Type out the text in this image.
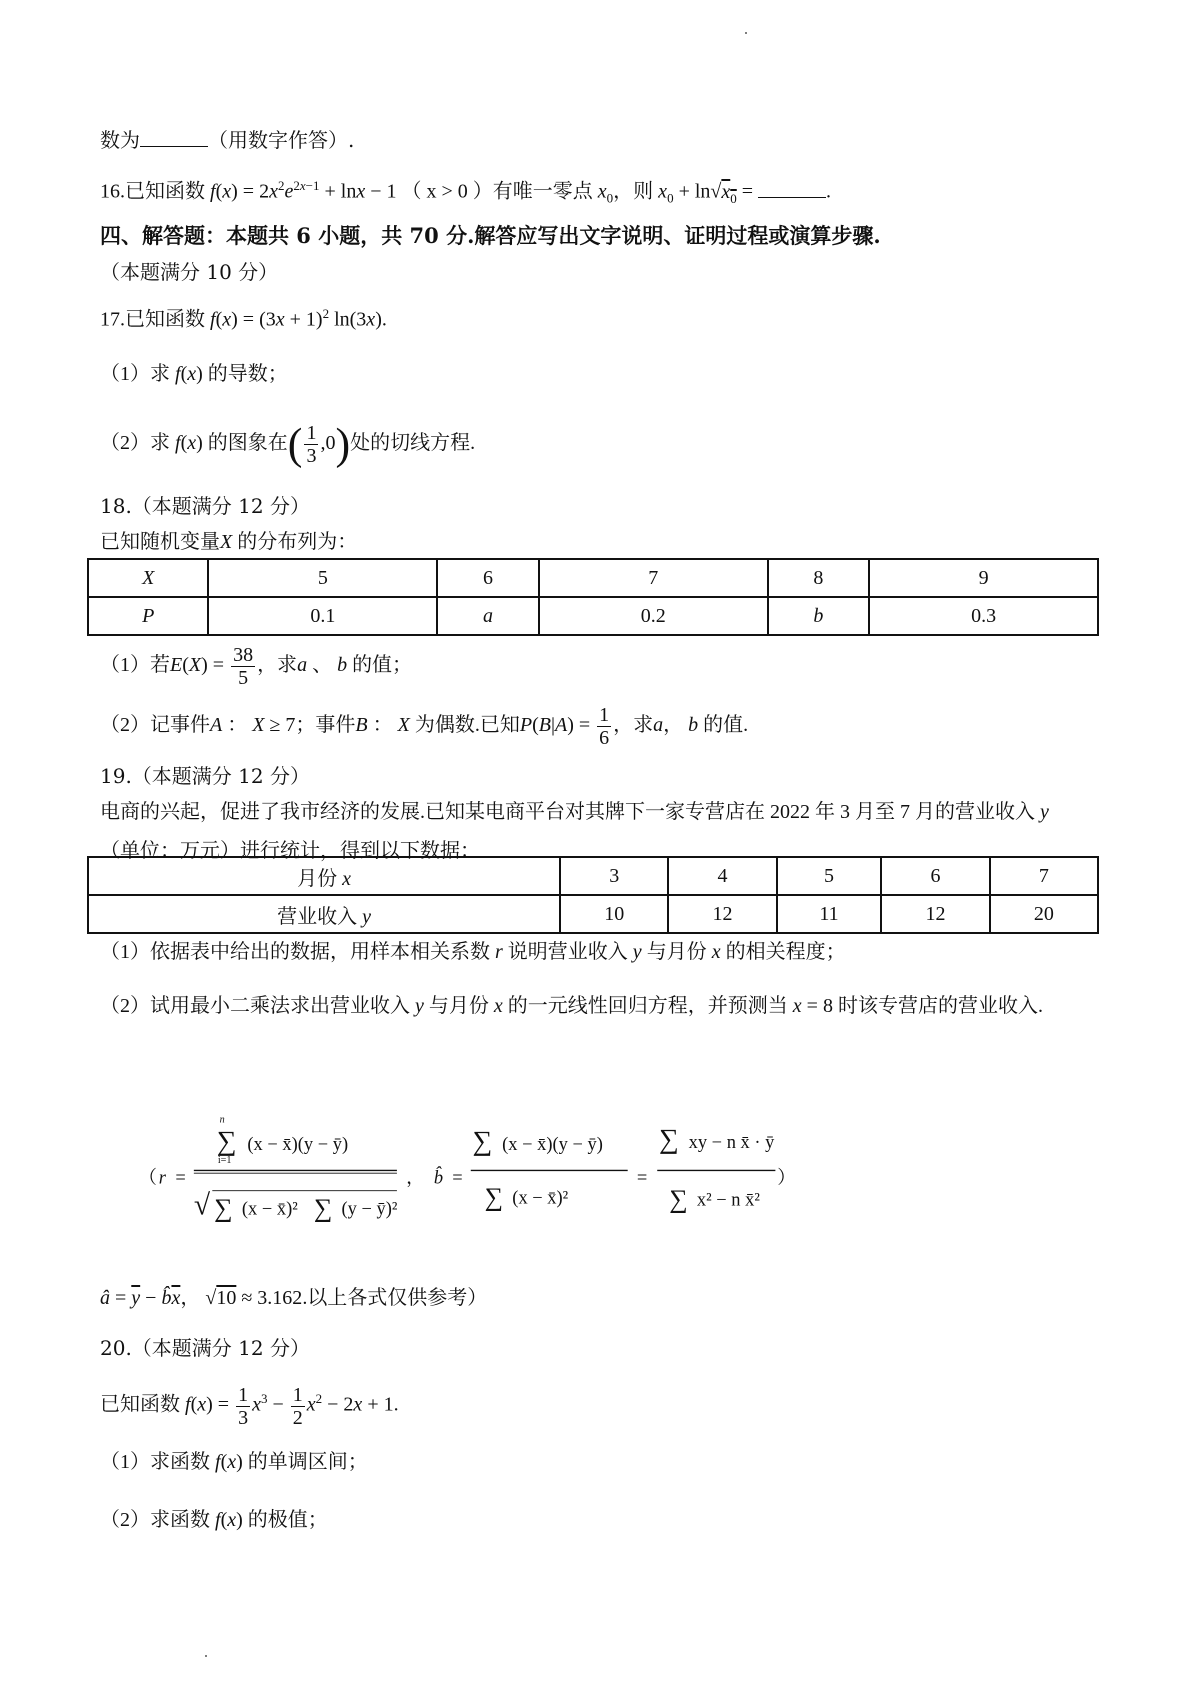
数为	（用数字作答）.
16.已知函数 $f(x) = 2x^2e^{2x-1} + \ln x - 1$ （ x > 0 ）有唯一零点 $x_0$，则 $x_0 + \ln√x_0$ =	.
四、解答题：本题共 6 小题，共 70 分.解答应写出文字说明、证明过程或演算步骤.
（本题满分 10 分）
17.已知函数 $f(x) = (3x + 1)^2$ ln(3x).
（1）求 f(x) 的导数；
（2）求 f(x) 的图象在( $\frac{1}{3} ,0$)处的切线方程.
18.（本题满分 12 分）
已知随机变量X 的分布列为：
X	5	6	7	8	9
P	0.1	a	0.2	b	0.3
（1）若$E(X) = \frac{38}{5}$ ，求a 、 b 的值；
（2）记事件A ： X ≥ 7；事件B ： X 为偶数.已知$P(B|A) = \frac{1}{6}$ ，求a， b 的值.
19.（本题满分 12 分）
电商的兴起，促进了我市经济的发展.已知某电商平台对其牌下一家专营店在 2022 年 3 月至 7 月的营业收入 y
（单位：万元）进行统计，得到以下数据：
月份 x	3	4	5	6	7
营业收入 y	10	12	11	12	20
（1）依据表中给出的数据，用样本相关系数 r 说明营业收入 y 与月份 x 的相关程度；
（2）试用最小二乘法求出营业收入 y 与月份 x 的一元线性回归方程，并预测当 x = 8 时该专营店的营业收入.
（ r =
∑
n
i=1
(x − x̄)(y − ȳ)
√ ∑ (x − x̄)² ∑ (y − ȳ)²
， b̂ =
∑ (x − x̄)(y − ȳ)
∑ (x − x̄)²
=
∑ xy − n x̄ · ȳ
∑ x² − n x̄²
）
â = $\overline{y}$ − $b̂\overline{x}$， √10 ≈ 3.162.以上各式仅供参考）
20.（本题满分 12 分）
已知函数 $f(x) = \frac{1}{3} x^3 - \frac{1}{2} x^2 - 2x + 1$.
（1）求函数 f(x) 的单调区间；
（2）求函数 f(x) 的极值；
